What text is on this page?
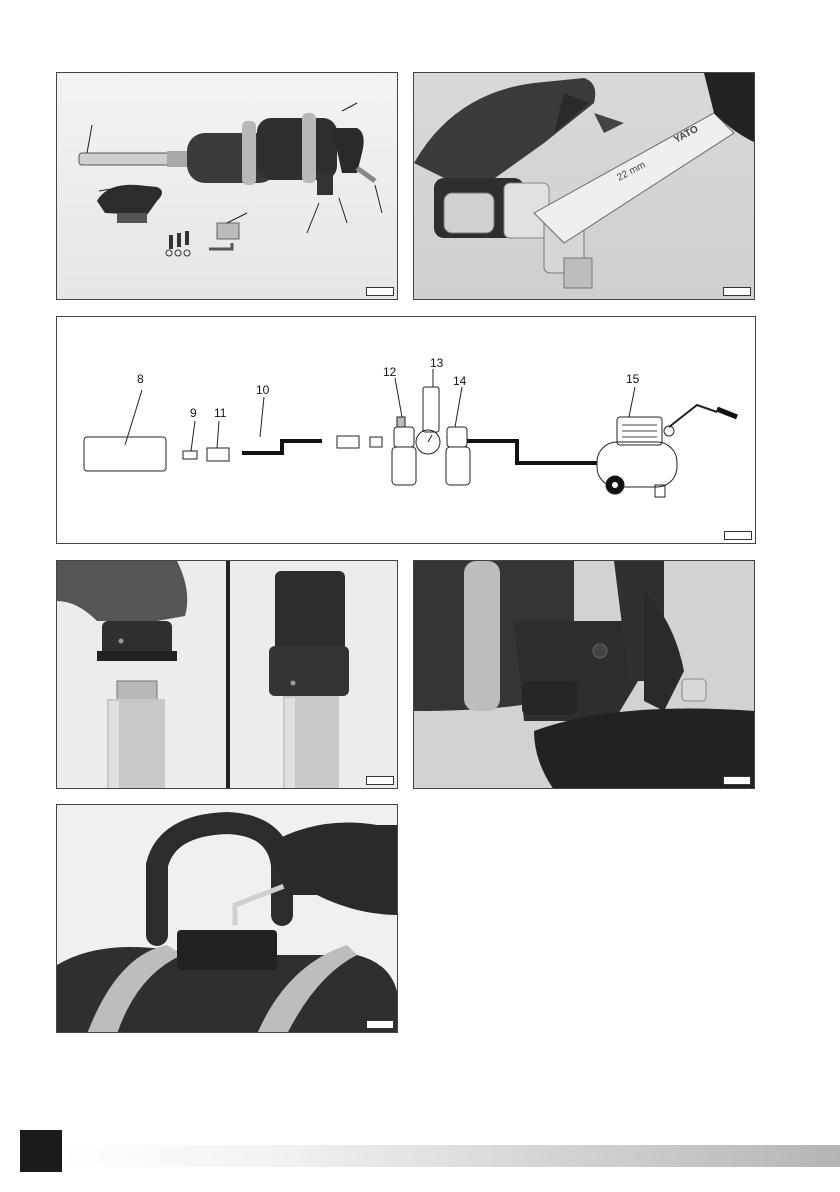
22 mm
YATO
8
9 11
10
12
13
14	15
